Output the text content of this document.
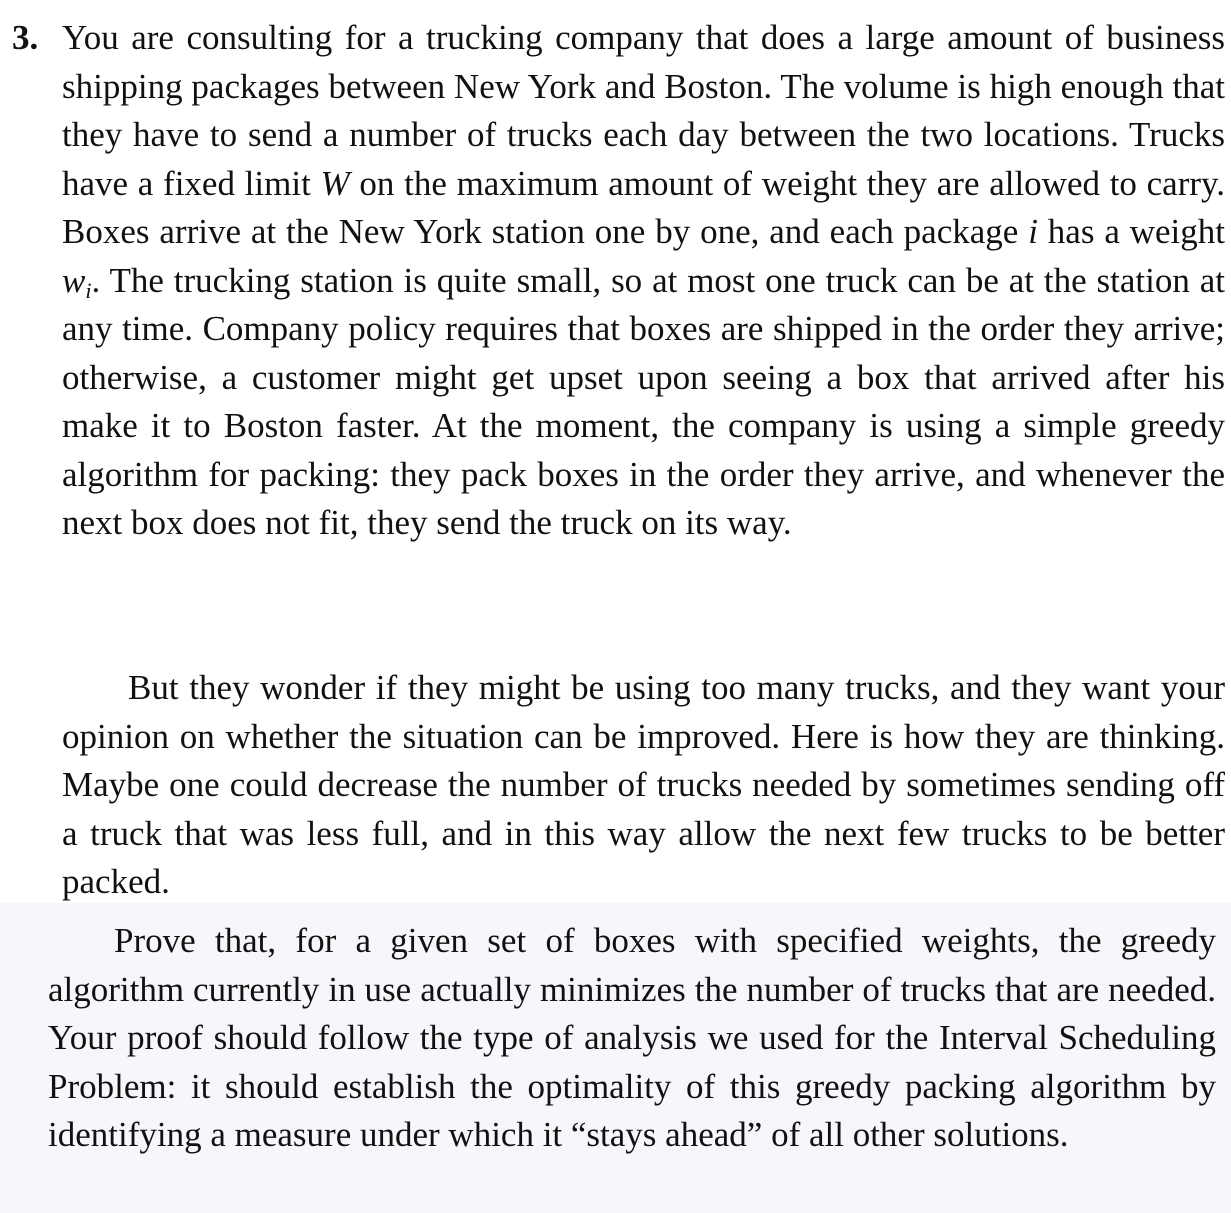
3. You are consulting for a trucking company that does a large amount of business shipping packages between New York and Boston. The volume is high enough that they have to send a number of trucks each day between the two locations. Trucks have a fixed limit W on the maximum amount of weight they are allowed to carry. Boxes arrive at the New York station one by one, and each package i has a weight $w_i$. The trucking station is quite small, so at most one truck can be at the station at any time. Company policy requires that boxes are shipped in the order they arrive; otherwise, a customer might get upset upon seeing a box that arrived after his make it to Boston faster. At the moment, the company is using a simple greedy algorithm for packing: they pack boxes in the order they arrive, and whenever the next box does not fit, they send the truck on its way.

But they wonder if they might be using too many trucks, and they want your opinion on whether the situation can be improved. Here is how they are thinking. Maybe one could decrease the number of trucks needed by sometimes sending off a truck that was less full, and in this way allow the next few trucks to be better packed.

Prove that, for a given set of boxes with specified weights, the greedy algorithm currently in use actually minimizes the number of trucks that are needed. Your proof should follow the type of analysis we used for the Interval Scheduling Problem: it should establish the optimality of this greedy packing algorithm by identifying a measure under which it “stays ahead” of all other solutions.
